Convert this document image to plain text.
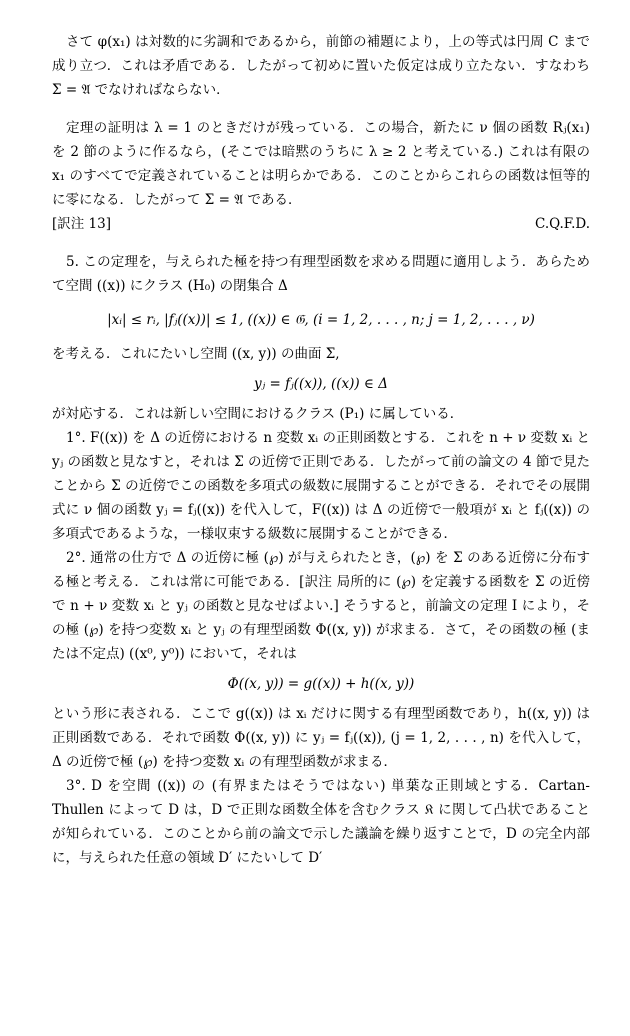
さて φ(x₁) は対数的に劣調和であるから，前節の補題により，上の等式は円周 C まで成り立つ．これは矛盾である．したがって初めに置いた仮定は成り立たない．すなわち Σ = 𝔄 でなければならない．

定理の証明は λ = 1 のときだけが残っている．この場合，新たに ν 個の函数 Rⱼ(x₁) を 2 節のように作るなら，(そこでは暗黙のうちに λ ≥ 2 と考えている.) これは有限の x₁ のすべてで定義されていることは明らかである．このことからこれらの函数は恒等的に零になる．したがって Σ = 𝔄 である．

[訳注 13]	C.Q.F.D.

5. この定理を，与えられた極を持つ有理型函数を求める問題に適用しよう．あらためて空間 ((x)) にクラス (H₀) の閉集合 Δ

|xᵢ| ≤ rᵢ, |fⱼ((x))| ≤ 1, ((x)) ∈ 𝔊, (i = 1, 2, . . . , n; j = 1, 2, . . . , ν)

を考える．これにたいし空間 ((x, y)) の曲面 Σ,

yⱼ = fⱼ((x)), ((x)) ∈ Δ

が対応する．これは新しい空間におけるクラス (P₁) に属している．

1°. F((x)) を Δ の近傍における n 変数 xᵢ の正則函数とする．これを n + ν 変数 xᵢ と yⱼ の函数と見なすと，それは Σ の近傍で正則である．したがって前の論文の 4 節で見たことから Σ の近傍でこの函数を多項式の級数に展開することができる．それでその展開式に ν 個の函数 yⱼ = fⱼ((x)) を代入して，F((x)) は Δ の近傍で一般項が xᵢ と fⱼ((x)) の多項式であるような，一様収束する級数に展開することができる．

2°. 通常の仕方で Δ の近傍に極 (℘) が与えられたとき，(℘) を Σ のある近傍に分布する極と考える．これは常に可能である．[訳注 局所的に (℘) を定義する函数を Σ の近傍で n + ν 変数 xᵢ と yⱼ の函数と見なせばよい.] そうすると，前論文の定理 I により，その極 (℘) を持つ変数 xᵢ と yⱼ の有理型函数 Φ((x, y)) が求まる．さて，その函数の極 (または不定点) ((x⁰, y⁰)) において，それは

Φ((x, y)) = g((x)) + h((x, y))

という形に表される．ここで g((x)) は xᵢ だけに関する有理型函数であり，h((x, y)) は正則函数である．それで函数 Φ((x, y)) に yⱼ = fⱼ((x)), (j = 1, 2, . . . , n) を代入して， Δ の近傍で極 (℘) を持つ変数 xᵢ の有理型函数が求まる．

3°. D を空間 ((x)) の (有界またはそうではない) 単葉な正則域とする．Cartan-Thullen によって D は，D で正則な函数全体を含むクラス 𝔎 に関して凸状であることが知られている．このことから前の論文で示した議論を繰り返すことで，D の完全内部に，与えられた任意の領域 D′ にたいして D′
